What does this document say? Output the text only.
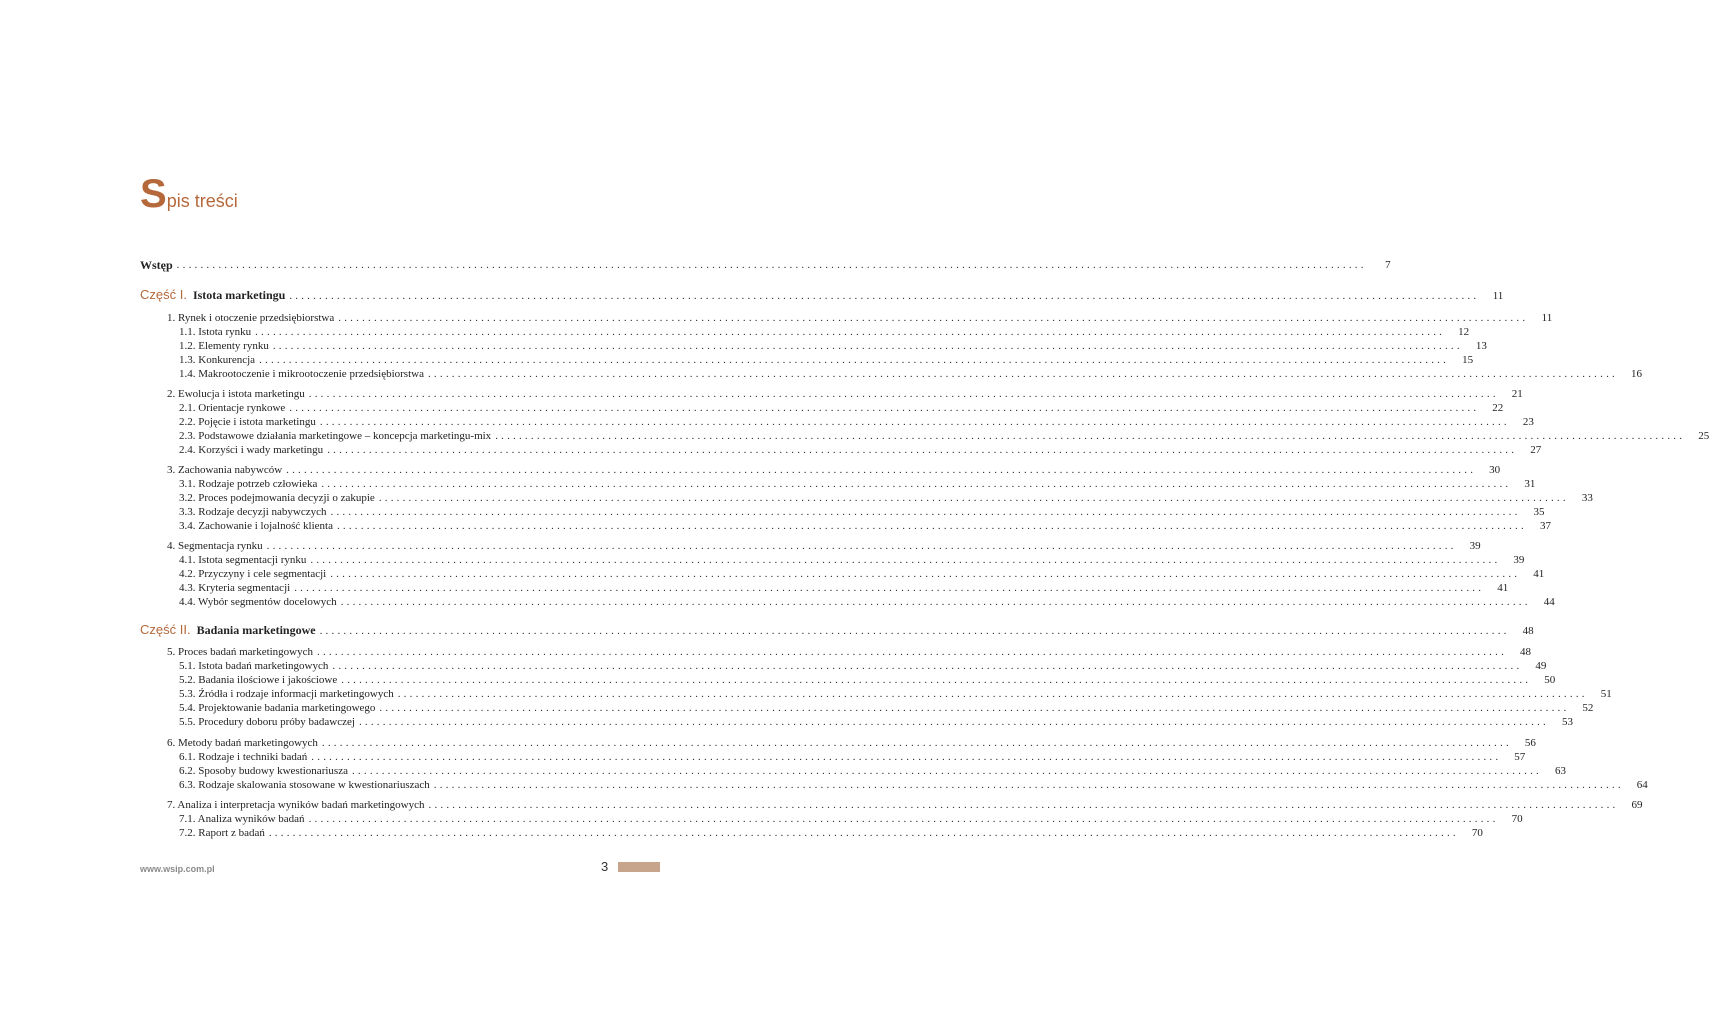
Spis treści
Wstęp ........................................................................................................................................................................................................	7
Część I. Istota marketingu ........................................................................................................................................................................................................	11
1. Rynek i otoczenie przedsiębiorstwa ........................................................................................................................................................................................................	11
1.1. Istota rynku ........................................................................................................................................................................................................	12
1.2. Elementy rynku ........................................................................................................................................................................................................	13
1.3. Konkurencja ........................................................................................................................................................................................................	15
1.4. Makrootoczenie i mikrootoczenie przedsiębiorstwa ........................................................................................................................................................................................................	16
2. Ewolucja i istota marketingu ........................................................................................................................................................................................................	21
2.1. Orientacje rynkowe ........................................................................................................................................................................................................	22
2.2. Pojęcie i istota marketingu ........................................................................................................................................................................................................	23
2.3. Podstawowe działania marketingowe – koncepcja marketingu-mix ........................................................................................................................................................................................................	25
2.4. Korzyści i wady marketingu ........................................................................................................................................................................................................	27
3. Zachowania nabywców ........................................................................................................................................................................................................	30
3.1. Rodzaje potrzeb człowieka ........................................................................................................................................................................................................	31
3.2. Proces podejmowania decyzji o zakupie ........................................................................................................................................................................................................	33
3.3. Rodzaje decyzji nabywczych ........................................................................................................................................................................................................	35
3.4. Zachowanie i lojalność klienta ........................................................................................................................................................................................................	37
4. Segmentacja rynku ........................................................................................................................................................................................................	39
4.1. Istota segmentacji rynku ........................................................................................................................................................................................................	39
4.2. Przyczyny i cele segmentacji ........................................................................................................................................................................................................	41
4.3. Kryteria segmentacji ........................................................................................................................................................................................................	41
4.4. Wybór segmentów docelowych ........................................................................................................................................................................................................	44
Część II. Badania marketingowe ........................................................................................................................................................................................................	48
5. Proces badań marketingowych ........................................................................................................................................................................................................	48
5.1. Istota badań marketingowych ........................................................................................................................................................................................................	49
5.2. Badania ilościowe i jakościowe ........................................................................................................................................................................................................	50
5.3. Źródła i rodzaje informacji marketingowych ........................................................................................................................................................................................................	51
5.4. Projektowanie badania marketingowego ........................................................................................................................................................................................................	52
5.5. Procedury doboru próby badawczej ........................................................................................................................................................................................................	53
6. Metody badań marketingowych ........................................................................................................................................................................................................	56
6.1. Rodzaje i techniki badań ........................................................................................................................................................................................................	57
6.2. Sposoby budowy kwestionariusza ........................................................................................................................................................................................................	63
6.3. Rodzaje skalowania stosowane w kwestionariuszach ........................................................................................................................................................................................................	64
7. Analiza i interpretacja wyników badań marketingowych ........................................................................................................................................................................................................	69
7.1. Analiza wyników badań ........................................................................................................................................................................................................	70
7.2. Raport z badań ........................................................................................................................................................................................................	70
www.wsip.com.pl	3
